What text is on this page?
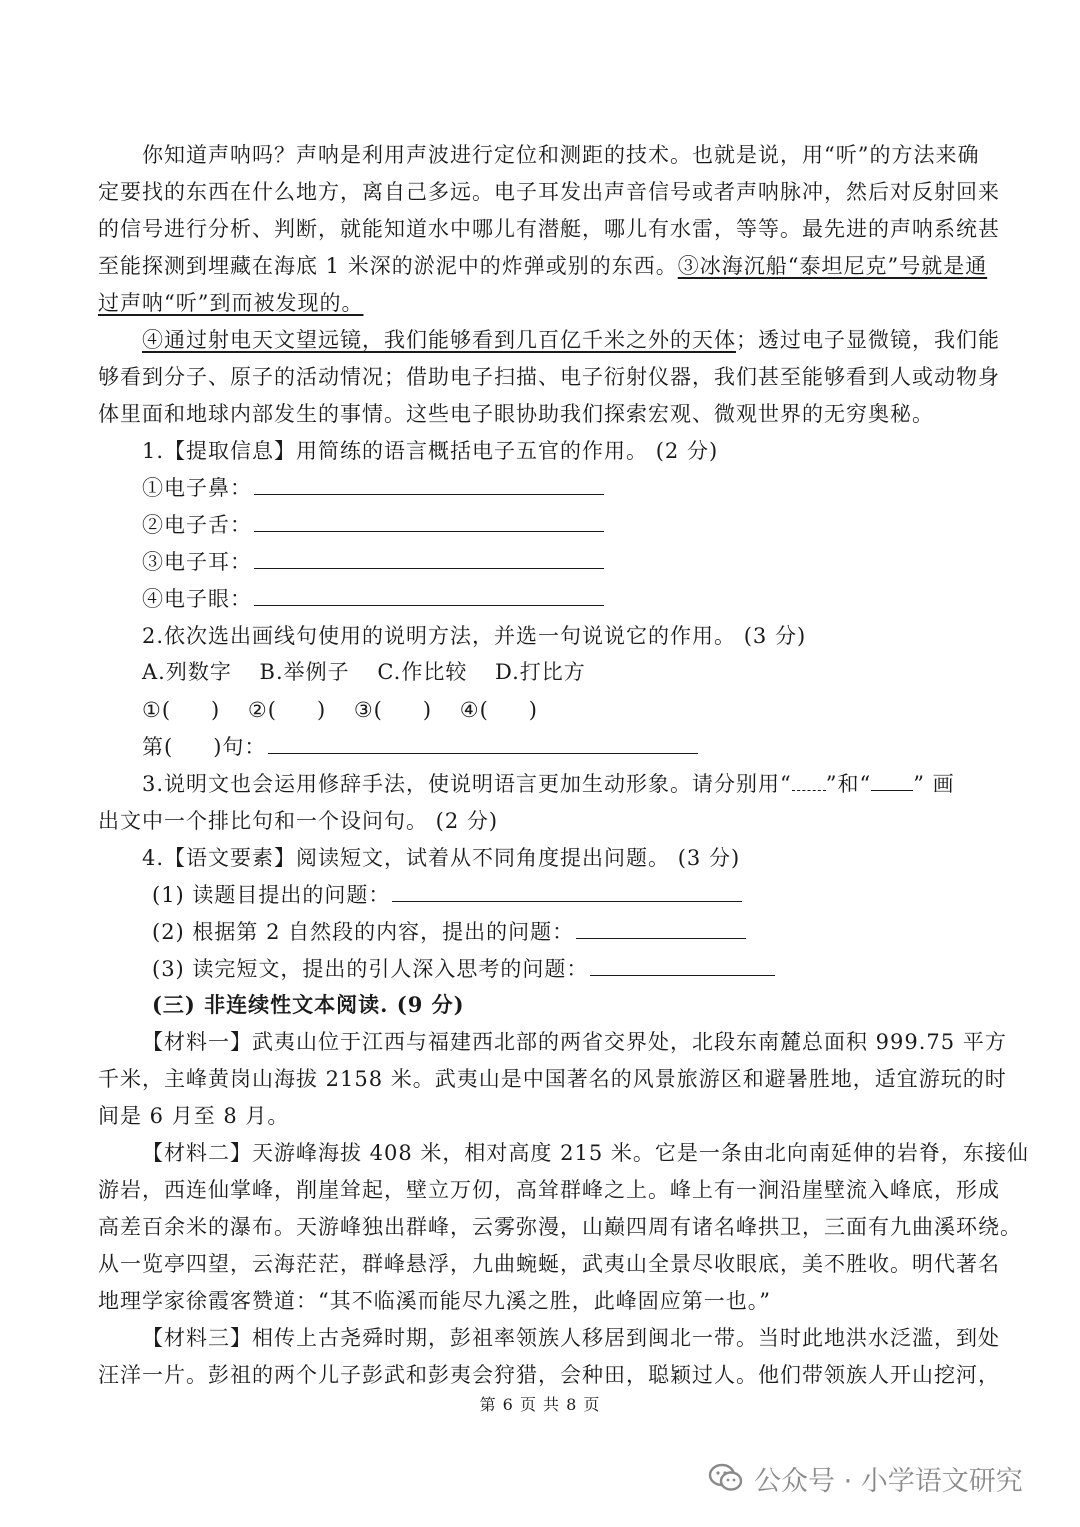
你知道声呐吗？声呐是利用声波进行定位和测距的技术。也就是说，用“听”的方法来确
定要找的东西在什么地方，离自己多远。电子耳发出声音信号或者声呐脉冲，然后对反射回来
的信号进行分析、判断，就能知道水中哪儿有潜艇，哪儿有水雷，等等。最先进的声呐系统甚
至能探测到埋藏在海底 1 米深的淤泥中的炸弹或别的东西。③冰海沉船“泰坦尼克”号就是通
过声呐“听”到而被发现的。
④通过射电天文望远镜，我们能够看到几百亿千米之外的天体；透过电子显微镜，我们能
够看到分子、原子的活动情况；借助电子扫描、电子衍射仪器，我们甚至能够看到人或动物身
体里面和地球内部发生的事情。这些电子眼协助我们探索宏观、微观世界的无穷奥秘。
1.【提取信息】用简练的语言概括电子五官的作用。 (2 分)
①电子鼻：
②电子舌：
③电子耳：
④电子眼：
2.依次选出画线句使用的说明方法，并选一句说说它的作用。 (3 分)
A.列数字 B.举例子 C.作比较 D.打比方
①( ) ②( ) ③( ) ④( )
第( )句：
3.说明文也会运用修辞手法，使说明语言更加生动形象。请分别用“ ”和“ ” 画
出文中一个排比句和一个设问句。 (2 分)
4.【语文要素】阅读短文，试着从不同角度提出问题。 (3 分)
(1) 读题目提出的问题：
(2) 根据第 2 自然段的内容，提出的问题：
(3) 读完短文，提出的引人深入思考的问题：
(三) 非连续性文本阅读. (9 分)
【材料一】武夷山位于江西与福建西北部的两省交界处，北段东南麓总面积 999.75 平方
千米，主峰黄岗山海拔 2158 米。武夷山是中国著名的风景旅游区和避暑胜地，适宜游玩的时
间是 6 月至 8 月。
【材料二】天游峰海拔 408 米，相对高度 215 米。它是一条由北向南延伸的岩脊，东接仙
游岩，西连仙掌峰，削崖耸起，壁立万仞，高耸群峰之上。峰上有一涧沿崖壁流入峰底，形成
高差百余米的瀑布。天游峰独出群峰，云雾弥漫，山巅四周有诸名峰拱卫，三面有九曲溪环绕。
从一览亭四望，云海茫茫，群峰悬浮，九曲蜿蜒，武夷山全景尽收眼底，美不胜收。明代著名
地理学家徐霞客赞道：“其不临溪而能尽九溪之胜，此峰固应第一也。”
【材料三】相传上古尧舜时期，彭祖率领族人移居到闽北一带。当时此地洪水泛滥，到处
汪洋一片。彭祖的两个儿子彭武和彭夷会狩猎，会种田，聪颖过人。他们带领族人开山挖河，
第 6 页 共 8 页
公众号 · 小学语文研究
